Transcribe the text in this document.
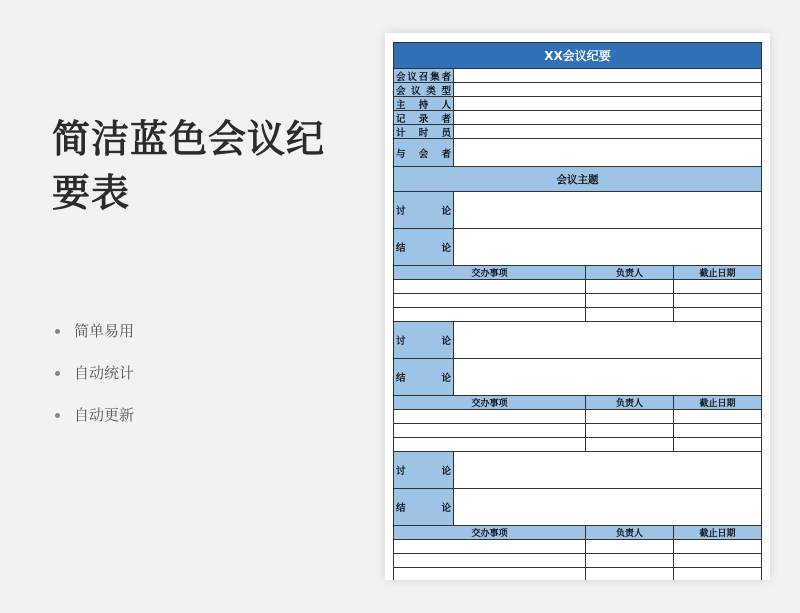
简洁蓝色会议纪要表
简单易用
自动统计
自动更新
XX会议纪要
会 议 召 集 者
会 议 类 型
主 持 人
记 录 者
计 时 员
与 会 者
会议主题
讨	论
结	论
交办事项	负责人	截止日期
讨	论
结	论
交办事项	负责人	截止日期
讨	论
结	论
交办事项	负责人	截止日期
